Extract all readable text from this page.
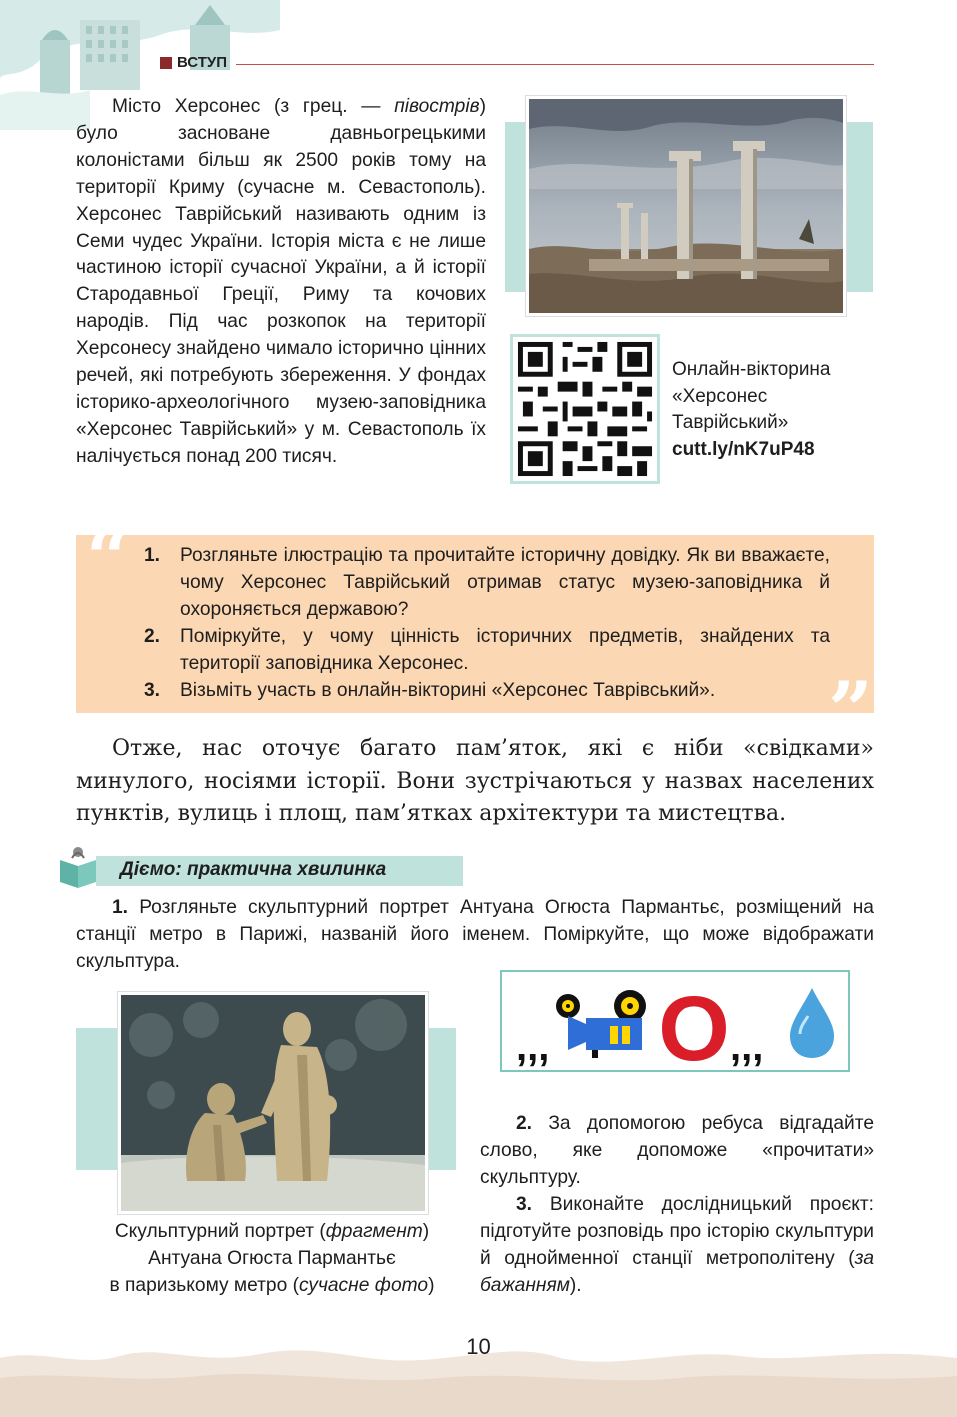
ВСТУП

Місто Херсонес (з грец. — півострів) було засноване давньогрецькими колоністами більш як 2500 років тому на території Криму (сучасне м. Севастополь). Херсонес Таврійський називають одним із Семи чудес України. Історія міста є не лише частиною історії сучасної України, а й історії Стародавньої Греції, Риму та кочових народів. Під час розкопок на території Херсонесу знайдено чимало історично цінних речей, які потребують збереження. У фондах історико-археологічного музею-заповідника «Херсонес Таврійський» у м. Севастополь їх налічується понад 200 тисяч.

Онлайн-вікторина
«Херсонес
Таврійський»
cutt.ly/nK7uP48
“
”
1. Розгляньте ілюстрацію та прочитайте історичну довідку. Як ви вважаєте, чому Херсонес Таврійський отримав статус музею-заповідника й охороняється державою?
2. Поміркуйте, у чому цінність історичних предметів, знайдених та території заповідника Херсонес.
3. Візьміть участь в онлайн-вікторині «Херсонес Таврівський».

Отже, нас оточує багато пам’яток, які є ніби «свідками» минулого, носіями історії. Вони зустрічаються у назвах населених пунктів, вулиць і площ, пам’ятках архітектури та мистецтва.

Діємо: практична хвилинка

1. Розгляньте скульптурний портрет Антуана Огюста Пармантьє, розміщений на станції метро в Парижі, названій його іменем. Поміркуйте, що може відображати скульптура.

Скульптурний портрет (фрагмент)
Антуана Огюста Пармантьє
в паризькому метро (сучасне фото)
,,, О ,,,

2. За допомогою ребуса відгадайте слово, яке допоможе «прочитати» скульптуру.

3. Виконайте дослідницький проєкт: підготуйте розповідь про історію скульптури й однойменної станції метрополітену (за бажанням).

10
